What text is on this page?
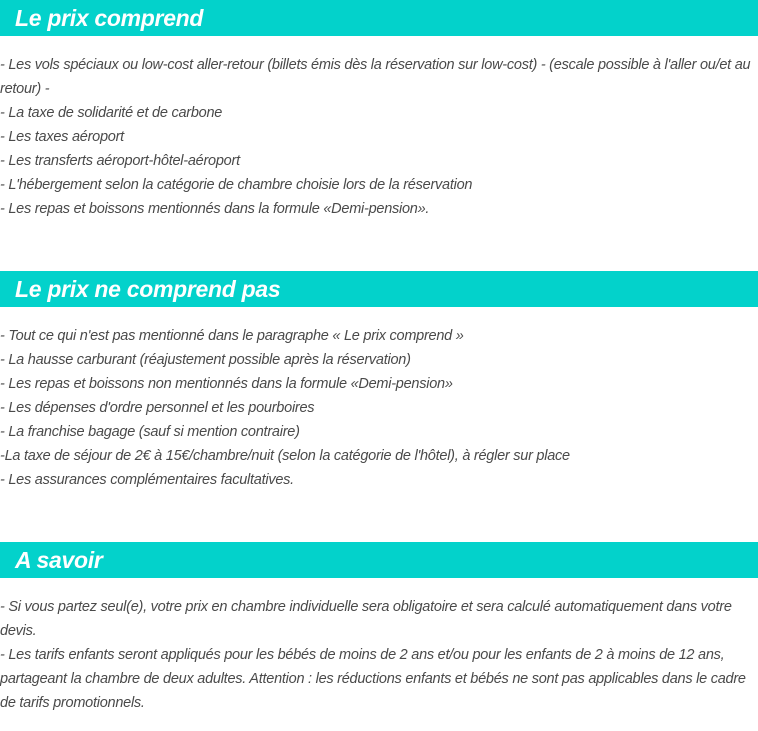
Le prix comprend
- Les vols spéciaux ou low-cost aller-retour (billets émis dès la réservation sur low-cost) - (escale possible à l'aller ou/et au retour) -
- La taxe de solidarité et de carbone
- Les taxes aéroport
- Les transferts aéroport-hôtel-aéroport
- L'hébergement selon la catégorie de chambre choisie lors de la réservation
- Les repas et boissons mentionnés dans la formule «Demi-pension».
Le prix ne comprend pas
- Tout ce qui n'est pas mentionné dans le paragraphe « Le prix comprend »
- La hausse carburant (réajustement possible après la réservation)
- Les repas et boissons non mentionnés dans la formule «Demi-pension»
- Les dépenses d'ordre personnel et les pourboires
- La franchise bagage (sauf si mention contraire)
-La taxe de séjour de 2€ à 15€/chambre/nuit (selon la catégorie de l'hôtel), à régler sur place
- Les assurances complémentaires facultatives.
A savoir
- Si vous partez seul(e), votre prix en chambre individuelle sera obligatoire et sera calculé automatiquement dans votre devis.
- Les tarifs enfants seront appliqués pour les bébés de moins de 2 ans et/ou pour les enfants de 2 à moins de 12 ans, partageant la chambre de deux adultes. Attention : les réductions enfants et bébés ne sont pas applicables dans le cadre de tarifs promotionnels.
